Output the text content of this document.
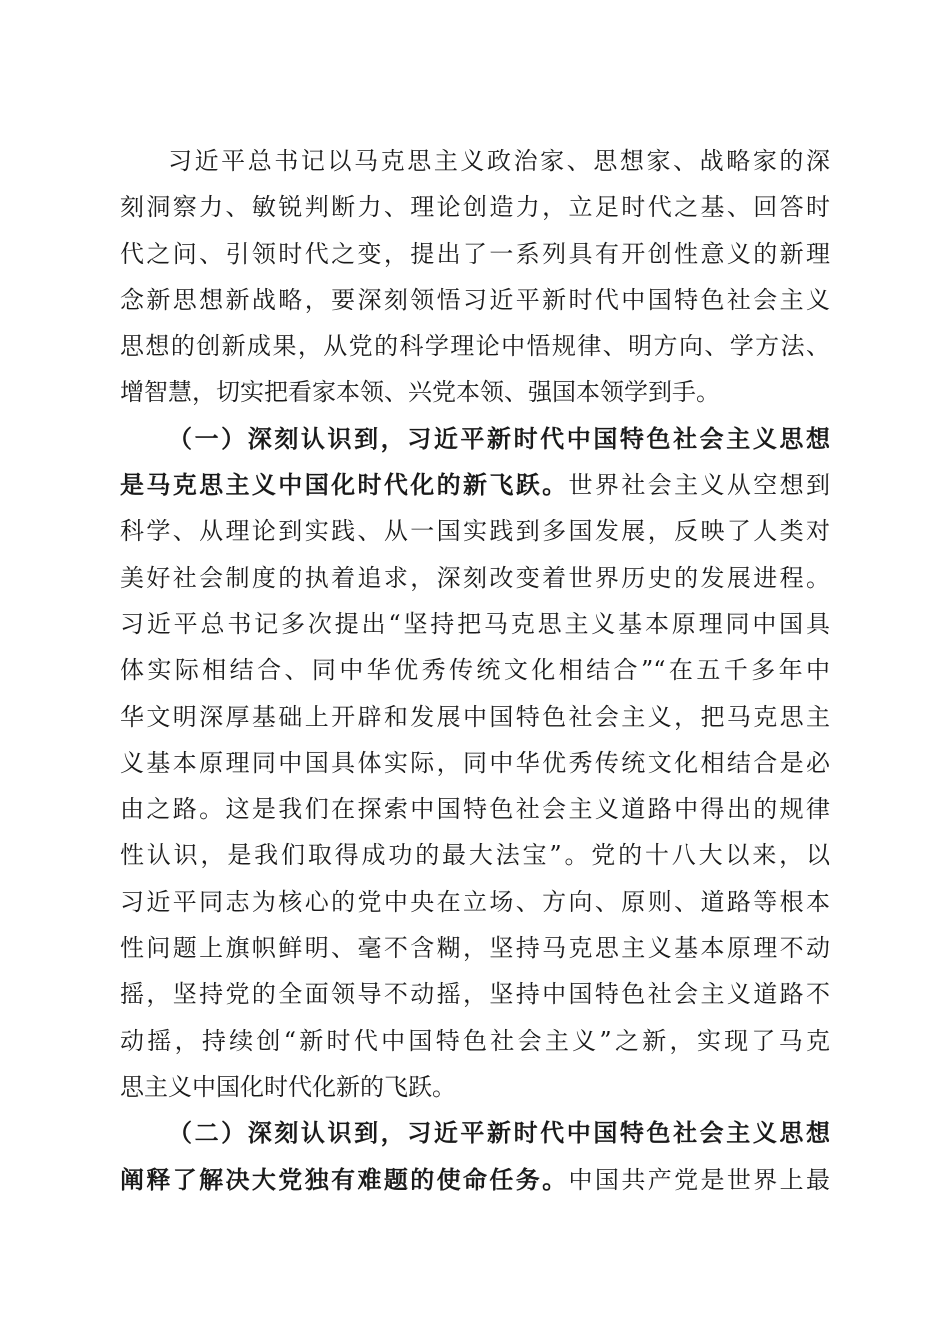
习近平总书记以马克思主义政治家、思想家、战略家的深
刻洞察力、敏锐判断力、理论创造力，立足时代之基、回答时
代之问、引领时代之变，提出了一系列具有开创性意义的新理
念新思想新战略，要深刻领悟习近平新时代中国特色社会主义
思想的创新成果，从党的科学理论中悟规律、明方向、学方法、
增智慧，切实把看家本领、兴党本领、强国本领学到手。
（一）深刻认识到，习近平新时代中国特色社会主义思想
是马克思主义中国化时代化的新飞跃。世界社会主义从空想到
科学、从理论到实践、从一国实践到多国发展，反映了人类对
美好社会制度的执着追求，深刻改变着世界历史的发展进程。
习近平总书记多次提出“坚持把马克思主义基本原理同中国具
体实际相结合、同中华优秀传统文化相结合”“在五千多年中
华文明深厚基础上开辟和发展中国特色社会主义，把马克思主
义基本原理同中国具体实际，同中华优秀传统文化相结合是必
由之路。这是我们在探索中国特色社会主义道路中得出的规律
性认识，是我们取得成功的最大法宝”。党的十八大以来，以
习近平同志为核心的党中央在立场、方向、原则、道路等根本
性问题上旗帜鲜明、毫不含糊，坚持马克思主义基本原理不动
摇，坚持党的全面领导不动摇，坚持中国特色社会主义道路不
动摇，持续创“新时代中国特色社会主义”之新，实现了马克
思主义中国化时代化新的飞跃。
（二）深刻认识到，习近平新时代中国特色社会主义思想
阐释了解决大党独有难题的使命任务。中国共产党是世界上最
